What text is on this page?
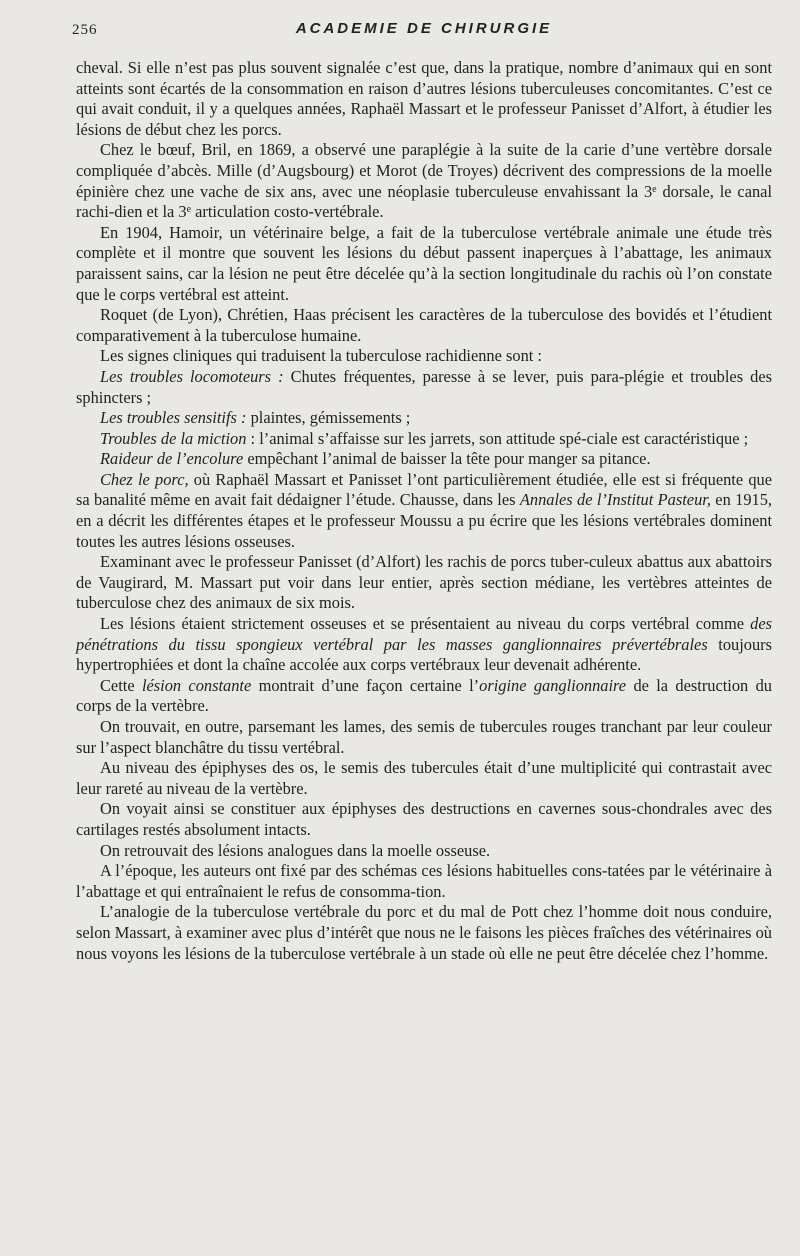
256	ACADEMIE DE CHIRURGIE

cheval. Si elle n’est pas plus souvent signalée c’est que, dans la pratique, nombre d’animaux qui en sont atteints sont écartés de la consommation en raison d’autres lésions tuberculeuses concomitantes. C’est ce qui avait conduit, il y a quelques années, Raphaël Massart et le professeur Panisset d’Alfort, à étudier les lésions de début chez les porcs.

Chez le bœuf, Bril, en 1869, a observé une paraplégie à la suite de la carie d’une vertèbre dorsale compliquée d’abcès. Mille (d’Augsbourg) et Morot (de Troyes) décrivent des compressions de la moelle épinière chez une vache de six ans, avec une néoplasie tuberculeuse envahissant la 3e dorsale, le canal rachi-dien et la 3e articulation costo-vertébrale.

En 1904, Hamoir, un vétérinaire belge, a fait de la tuberculose vertébrale animale une étude très complète et il montre que souvent les lésions du début passent inaperçues à l’abattage, les animaux paraissent sains, car la lésion ne peut être décelée qu’à la section longitudinale du rachis où l’on constate que le corps vertébral est atteint.

Roquet (de Lyon), Chrétien, Haas précisent les caractères de la tuberculose des bovidés et l’étudient comparativement à la tuberculose humaine.

Les signes cliniques qui traduisent la tuberculose rachidienne sont :

Les troubles locomoteurs : Chutes fréquentes, paresse à se lever, puis para-plégie et troubles des sphincters ;

Les troubles sensitifs : plaintes, gémissements ;

Troubles de la miction : l’animal s’affaisse sur les jarrets, son attitude spé-ciale est caractéristique ;

Raideur de l’encolure empêchant l’animal de baisser la tête pour manger sa pitance.

Chez le porc, où Raphaël Massart et Panisset l’ont particulièrement étudiée, elle est si fréquente que sa banalité même en avait fait dédaigner l’étude. Chausse, dans les Annales de l’Institut Pasteur, en 1915, en a décrit les différentes étapes et le professeur Moussu a pu écrire que les lésions vertébrales dominent toutes les autres lésions osseuses.

Examinant avec le professeur Panisset (d’Alfort) les rachis de porcs tuber-culeux abattus aux abattoirs de Vaugirard, M. Massart put voir dans leur entier, après section médiane, les vertèbres atteintes de tuberculose chez des animaux de six mois.

Les lésions étaient strictement osseuses et se présentaient au niveau du corps vertébral comme des pénétrations du tissu spongieux vertébral par les masses ganglionnaires prévertébrales toujours hypertrophiées et dont la chaîne accolée aux corps vertébraux leur devenait adhérente.

Cette lésion constante montrait d’une façon certaine l’origine ganglionnaire de la destruction du corps de la vertèbre.

On trouvait, en outre, parsemant les lames, des semis de tubercules rouges tranchant par leur couleur sur l’aspect blanchâtre du tissu vertébral.

Au niveau des épiphyses des os, le semis des tubercules était d’une multiplicité qui contrastait avec leur rareté au niveau de la vertèbre.

On voyait ainsi se constituer aux épiphyses des destructions en cavernes sous-chondrales avec des cartilages restés absolument intacts.

On retrouvait des lésions analogues dans la moelle osseuse.

A l’époque, les auteurs ont fixé par des schémas ces lésions habituelles cons-tatées par le vétérinaire à l’abattage et qui entraînaient le refus de consomma-tion.

L’analogie de la tuberculose vertébrale du porc et du mal de Pott chez l’homme doit nous conduire, selon Massart, à examiner avec plus d’intérêt que nous ne le faisons les pièces fraîches des vétérinaires où nous voyons les lésions de la tuberculose vertébrale à un stade où elle ne peut être décelée chez l’homme.
